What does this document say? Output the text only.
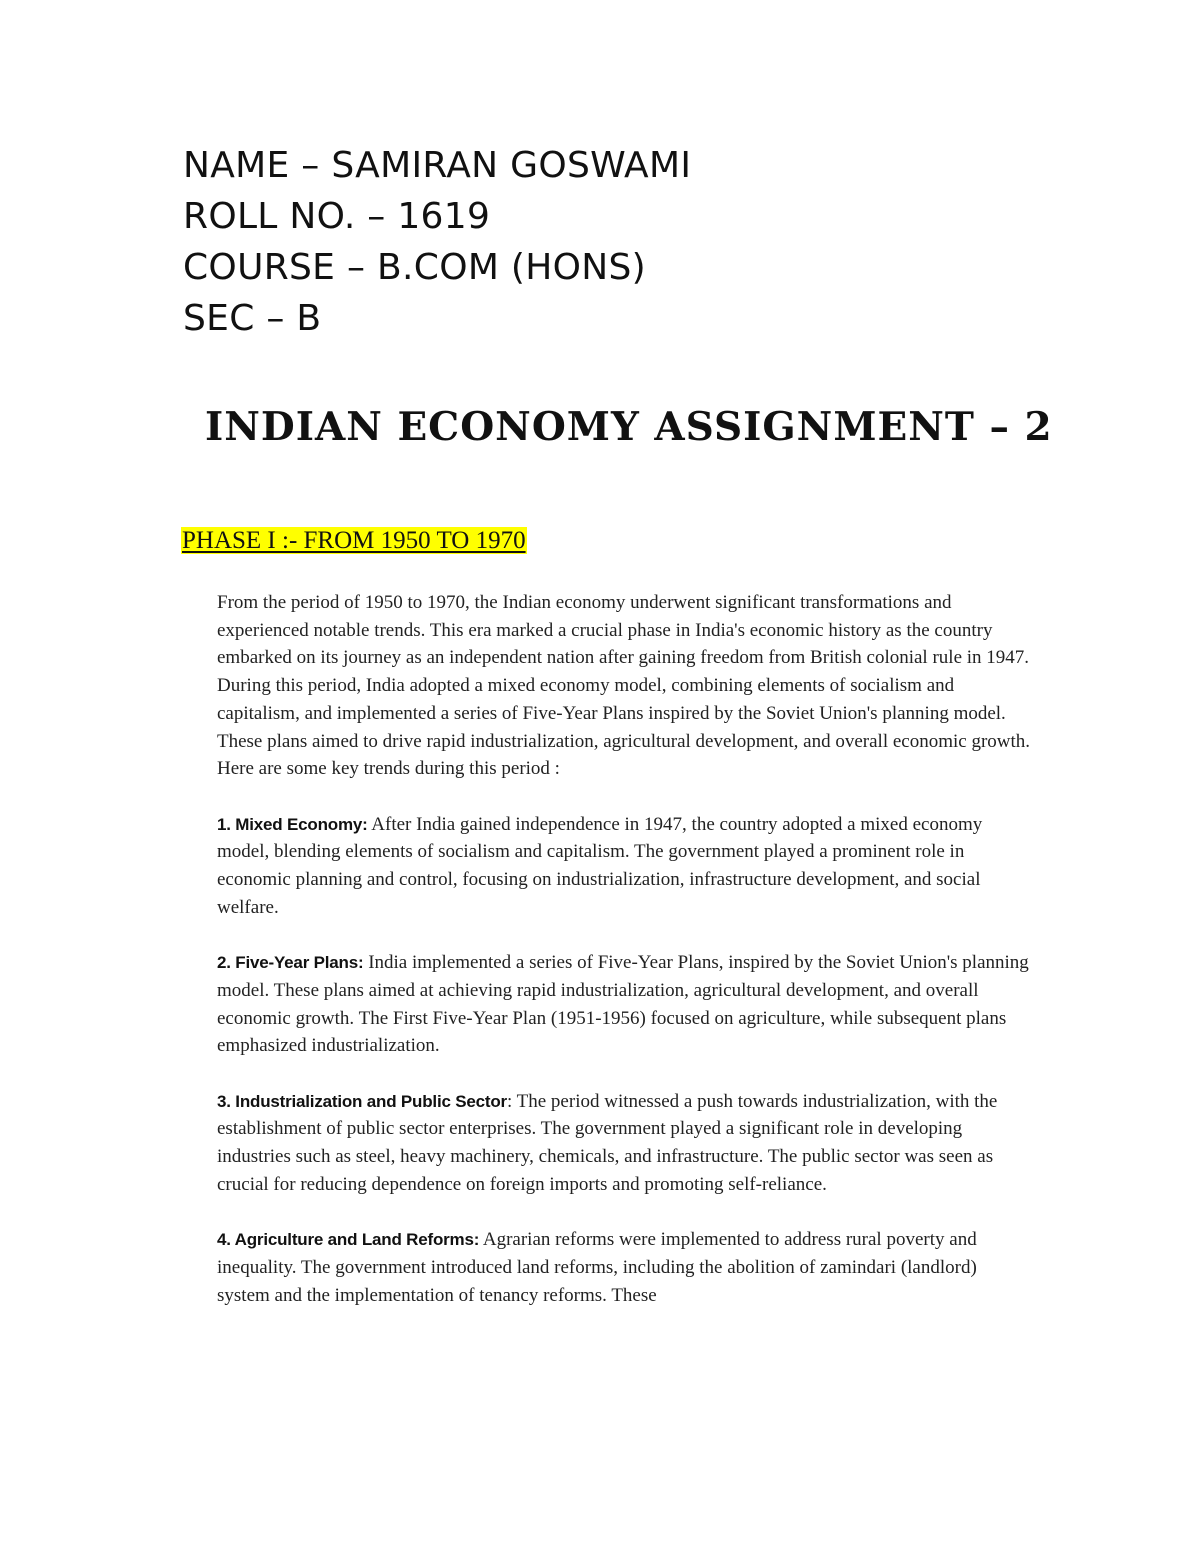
NAME – SAMIRAN GOSWAMI
ROLL NO. – 1619
COURSE – B.COM (HONS)
SEC – B
INDIAN ECONOMY ASSIGNMENT – 2
PHASE I :- FROM 1950 TO 1970

From the period of 1950 to 1970, the Indian economy underwent significant transformations and experienced notable trends. This era marked a crucial phase in India's economic history as the country embarked on its journey as an independent nation after gaining freedom from British colonial rule in 1947. During this period, India adopted a mixed economy model, combining elements of socialism and capitalism, and implemented a series of Five-Year Plans inspired by the Soviet Union's planning model. These plans aimed to drive rapid industrialization, agricultural development, and overall economic growth. Here are some key trends during this period :

1. Mixed Economy: After India gained independence in 1947, the country adopted a mixed economy model, blending elements of socialism and capitalism. The government played a prominent role in economic planning and control, focusing on industrialization, infrastructure development, and social welfare.

2. Five-Year Plans: India implemented a series of Five-Year Plans, inspired by the Soviet Union's planning model. These plans aimed at achieving rapid industrialization, agricultural development, and overall economic growth. The First Five-Year Plan (1951-1956) focused on agriculture, while subsequent plans emphasized industrialization.

3. Industrialization and Public Sector: The period witnessed a push towards industrialization, with the establishment of public sector enterprises. The government played a significant role in developing industries such as steel, heavy machinery, chemicals, and infrastructure. The public sector was seen as crucial for reducing dependence on foreign imports and promoting self-reliance.

4. Agriculture and Land Reforms: Agrarian reforms were implemented to address rural poverty and inequality. The government introduced land reforms, including the abolition of zamindari (landlord) system and the implementation of tenancy reforms. These
